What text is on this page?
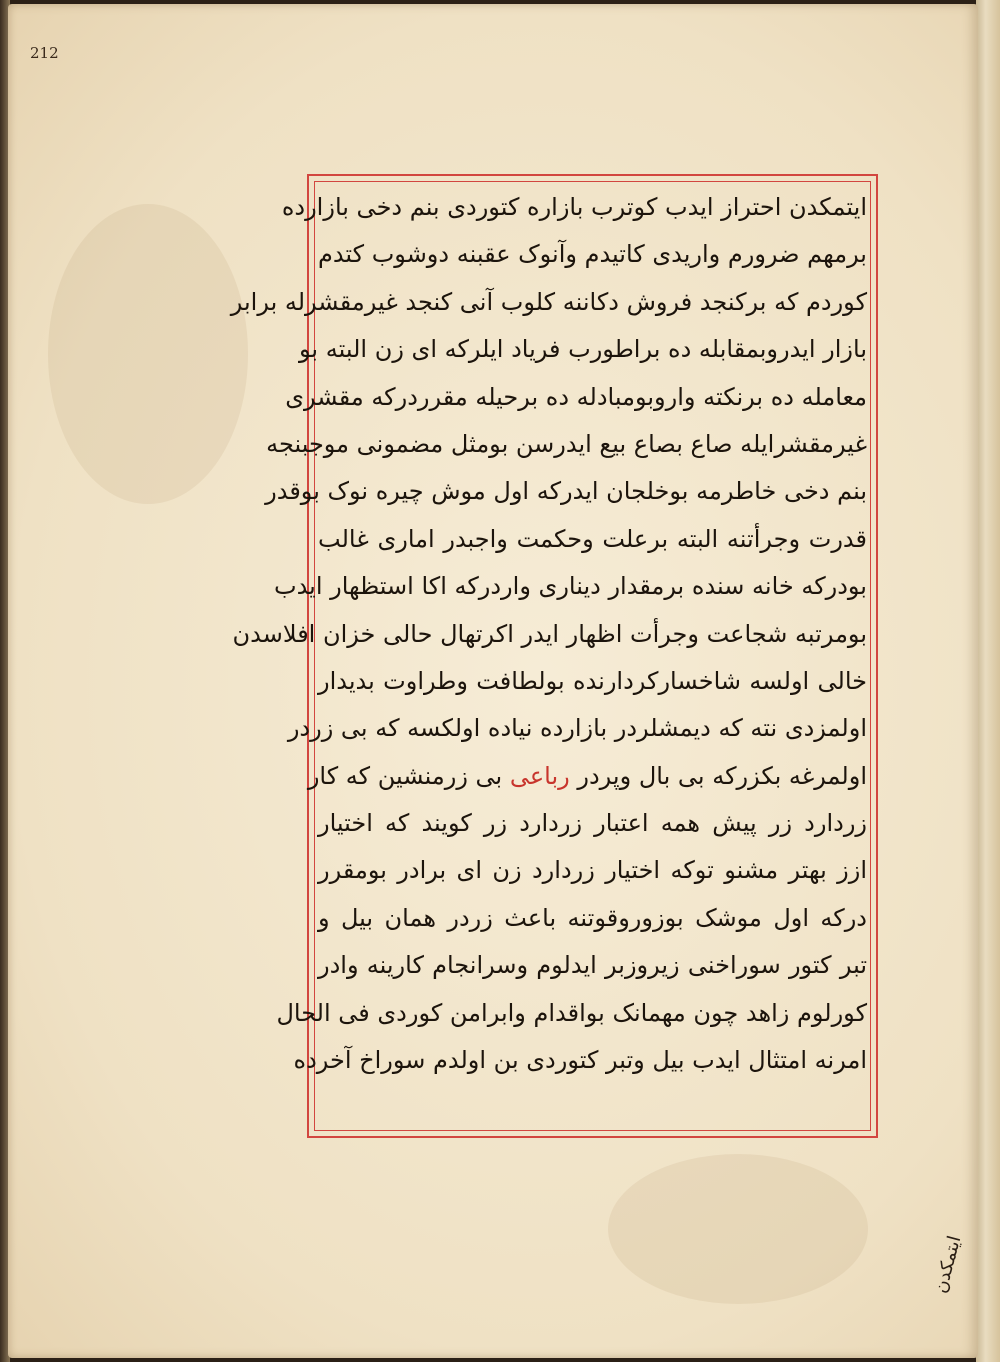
212
ایتمکدن احتراز ایدب کوترب بازاره کتوردی بنم دخی بازارده
برمهم ضرورم واریدی کاتیدم وآنوک عقبنه دوشوب کتدم
کوردم که برکنجد فروش دکاننه کلوب آنی کنجد غیرمقشرله برابر
بازار ایدروبمقابله ده براطورب فریاد ایلرکه ای زن البته بو
معامله ده برنکته واروبومبادله ده برحیله مقرردرکه مقشری
غیرمقشرایله صاع بصاع بیع ایدرسن بومثل مضمونی موجبنجه
بنم دخی خاطرمه بوخلجان ایدرکه اول موش چیره نوک بوقدر
قدرت وجرأتنه البته برعلت وحکمت واجبدر اماری غالب
بودرکه خانه سنده برمقدار دیناری واردرکه اکا استظهار ایدب
بومرتبه شجاعت وجرأت اظهار ایدر اکرتهال حالی خزان افلاسدن
خالی اولسه شاخسارکردارنده بولطافت وطراوت بدیدار
اولمزدی نته که دیمشلردر بازارده نیاده اولکسه که بی زردر
اولمرغه بکزرکه بی بال وپردر رباعی بی زرمنشین که کار
زردارد زر پیش همه اعتبار زردارد زر کویند که اختیار
ازز بهتر مشنو توکه اختیار زردارد زن ای برادر بومقرر
درکه اول موشک بوزوروقوتنه باعث زردر همان بیل و
تبر کتور سوراخنی زیروزبر ایدلوم وسرانجام کارینه وادر
کورلوم زاهد چون مهمانک بواقدام وابرامن کوردی فی الحال
امرنه امتثال ایدب بیل وتبر کتوردی بن اولدم سوراخ آخرده
ایتمکدن
